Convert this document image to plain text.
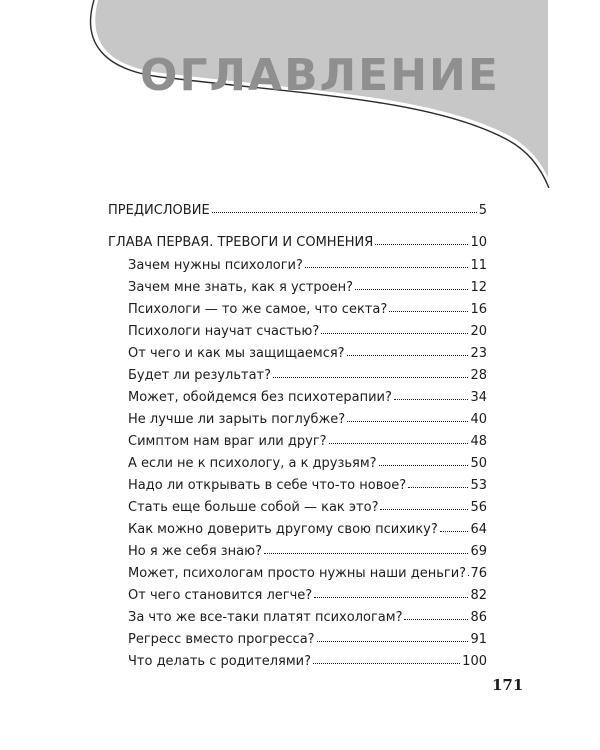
ОГЛАВЛЕНИЕ
ПРЕДИСЛОВИЕ	5
ГЛАВА ПЕРВАЯ. ТРЕВОГИ И СОМНЕНИЯ	10
Зачем нужны психологи?	11
Зачем мне знать, как я устроен?	12
Психологи — то же самое, что секта?	16
Психологи научат счастью?	20
От чего и как мы защищаемся?	23
Будет ли результат?	28
Может, обойдемся без психотерапии?	34
Не лучше ли зарыть поглубже?	40
Симптом нам враг или друг?	48
А если не к психологу, а к друзьям?	50
Надо ли открывать в себе что-то новое?	53
Стать еще больше собой — как это?	56
Как можно доверить другому свою психику?	64
Но я же себя знаю?	69
Может, психологам просто нужны наши деньги? 76
От чего становится легче?	82
За что же все-таки платят психологам?	86
Регресс вместо прогресса?	91
Что делать с родителями?	100
171
